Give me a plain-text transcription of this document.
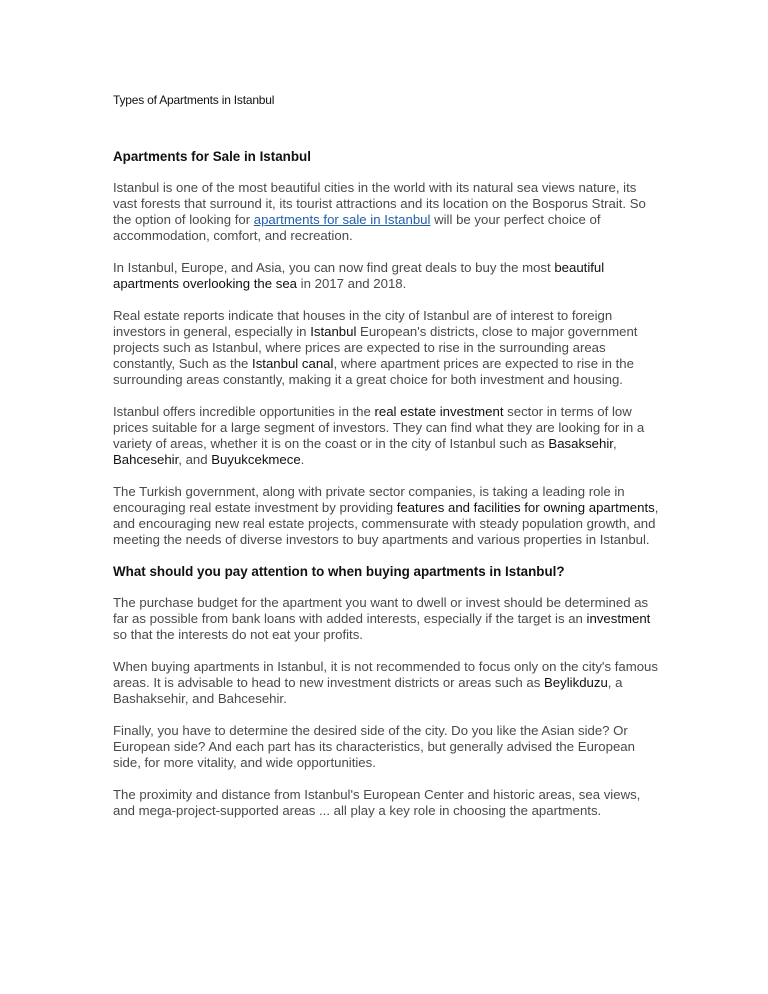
Types of Apartments in Istanbul

Apartments for Sale in Istanbul

Istanbul is one of the most beautiful cities in the world with its natural sea views nature, its vast forests that surround it, its tourist attractions and its location on the Bosporus Strait. So the option of looking for apartments for sale in Istanbul will be your perfect choice of accommodation, comfort, and recreation.

In Istanbul, Europe, and Asia, you can now find great deals to buy the most beautiful apartments overlooking the sea in 2017 and 2018.

Real estate reports indicate that houses in the city of Istanbul are of interest to foreign investors in general, especially in Istanbul European's districts, close to major government projects such as Istanbul, where prices are expected to rise in the surrounding areas constantly, Such as the Istanbul canal, where apartment prices are expected to rise in the surrounding areas constantly, making it a great choice for both investment and housing.

Istanbul offers incredible opportunities in the real estate investment sector in terms of low prices suitable for a large segment of investors. They can find what they are looking for in a variety of areas, whether it is on the coast or in the city of Istanbul such as Basaksehir, Bahcesehir, and Buyukcekmece.

The Turkish government, along with private sector companies, is taking a leading role in encouraging real estate investment by providing features and facilities for owning apartments, and encouraging new real estate projects, commensurate with steady population growth, and meeting the needs of diverse investors to buy apartments and various properties in Istanbul.

What should you pay attention to when buying apartments in Istanbul?

The purchase budget for the apartment you want to dwell or invest should be determined as far as possible from bank loans with added interests, especially if the target is an investment so that the interests do not eat your profits.

When buying apartments in Istanbul, it is not recommended to focus only on the city's famous areas. It is advisable to head to new investment districts or areas such as Beylikduzu, a Bashaksehir, and Bahcesehir.

Finally, you have to determine the desired side of the city. Do you like the Asian side? Or European side? And each part has its characteristics, but generally advised the European side, for more vitality, and wide opportunities.

The proximity and distance from Istanbul's European Center and historic areas, sea views, and mega-project-supported areas ... all play a key role in choosing the apartments.
